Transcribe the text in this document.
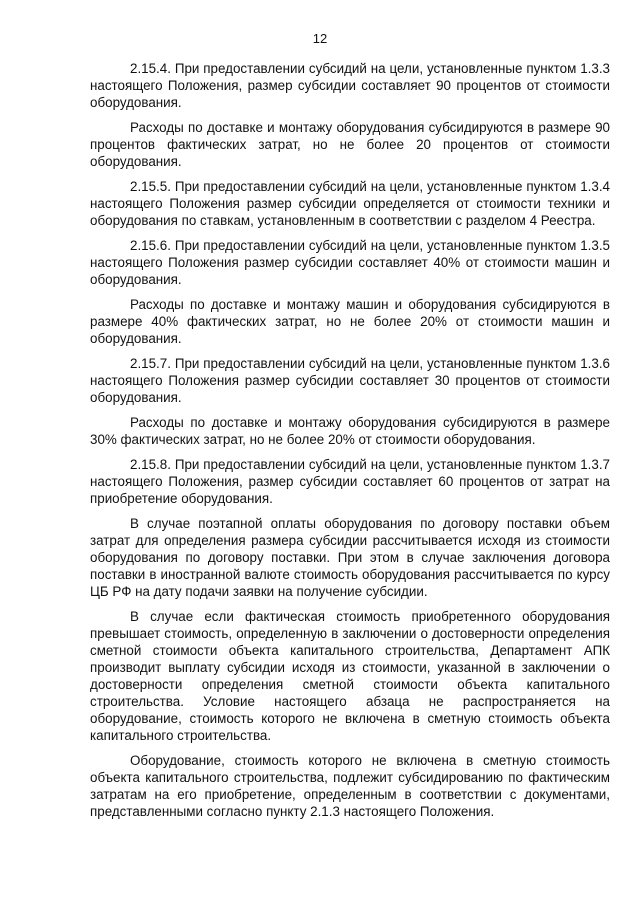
12

2.15.4. При предоставлении субсидий на цели, установленные пунктом 1.3.3 настоящего Положения, размер субсидии составляет 90 процентов от стоимости оборудования.

Расходы по доставке и монтажу оборудования субсидируются в размере 90 процентов фактических затрат, но не более 20 процентов от стоимости оборудования.

2.15.5. При предоставлении субсидий на цели, установленные пунктом 1.3.4 настоящего Положения размер субсидии определяется от стоимости техники и оборудования по ставкам, установленным в соответствии с разделом 4 Реестра.

2.15.6. При предоставлении субсидий на цели, установленные пунктом 1.3.5 настоящего Положения размер субсидии составляет 40% от стоимости машин и оборудования.

Расходы по доставке и монтажу машин и оборудования субсидируются в размере 40% фактических затрат, но не более 20% от стоимости машин и оборудования.

2.15.7. При предоставлении субсидий на цели, установленные пунктом 1.3.6 настоящего Положения размер субсидии составляет 30 процентов от стоимости оборудования.

Расходы по доставке и монтажу оборудования субсидируются в размере 30% фактических затрат, но не более 20% от стоимости оборудования.

2.15.8. При предоставлении субсидий на цели, установленные пунктом 1.3.7 настоящего Положения, размер субсидии составляет 60 процентов от затрат на приобретение оборудования.

В случае поэтапной оплаты оборудования по договору поставки объем затрат для определения размера субсидии рассчитывается исходя из стоимости оборудования по договору поставки. При этом в случае заключения договора поставки в иностранной валюте стоимость оборудования рассчитывается по курсу ЦБ РФ на дату подачи заявки на получение субсидии.

В случае если фактическая стоимость приобретенного оборудования превышает стоимость, определенную в заключении о достоверности определения сметной стоимости объекта капитального строительства, Департамент АПК производит выплату субсидии исходя из стоимости, указанной в заключении о достоверности определения сметной стоимости объекта капитального строительства. Условие настоящего абзаца не распространяется на оборудование, стоимость которого не включена в сметную стоимость объекта капитального строительства.

Оборудование, стоимость которого не включена в сметную стоимость объекта капитального строительства, подлежит субсидированию по фактическим затратам на его приобретение, определенным в соответствии с документами, представленными согласно пункту 2.1.3 настоящего Положения.
